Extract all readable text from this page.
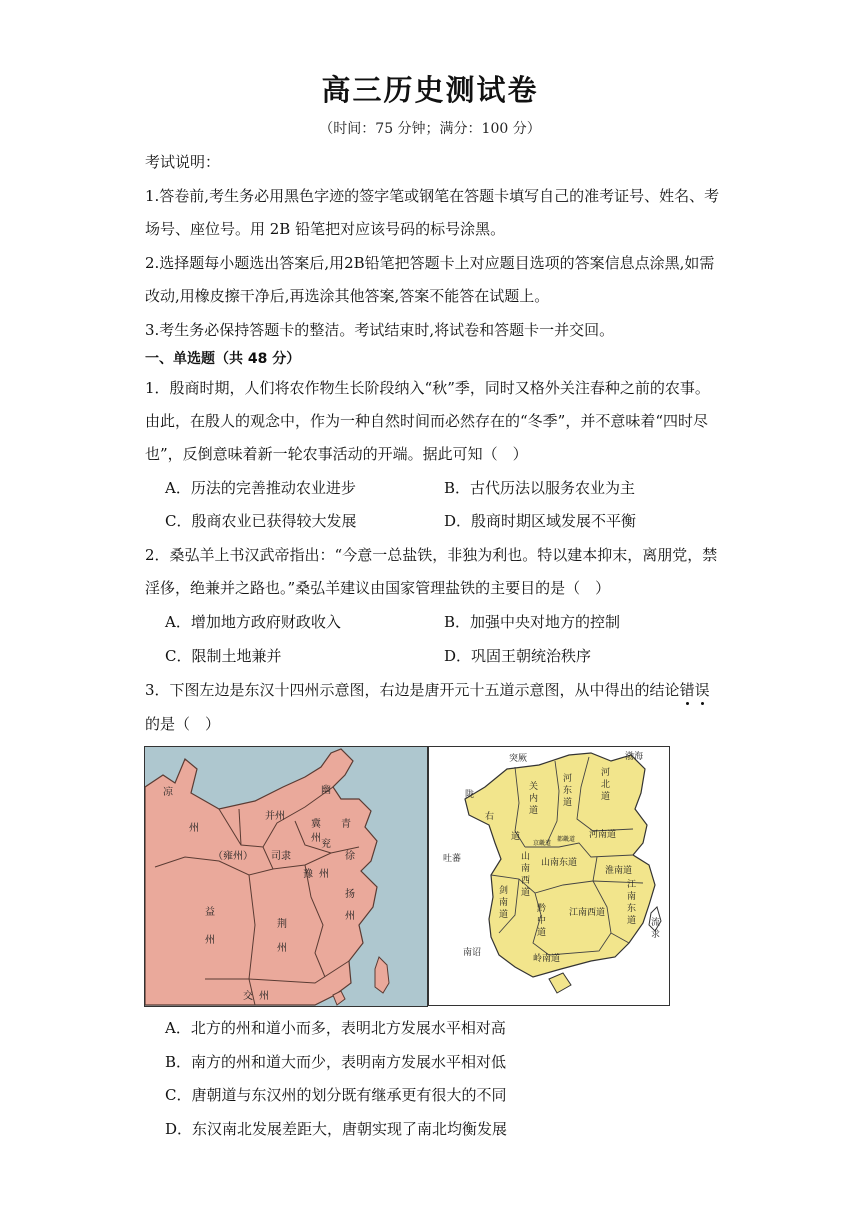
高三历史测试卷
（时间：75 分钟；满分：100 分）
考试说明：
1.答卷前,考生务必用黑色字迹的签字笔或钢笔在答题卡填写自己的准考证号、姓名、考
场号、座位号。用 2B 铅笔把对应该号码的标号涂黑。
2.选择题每小题选出答案后,用2B铅笔把答题卡上对应题目选项的答案信息点涂黑,如需
改动,用橡皮擦干净后,再选涂其他答案,答案不能答在试题上。
3.考生务必保持答题卡的整洁。考试结束时,将试卷和答题卡一并交回。
一、单选题（共 48 分）
1．殷商时期，人们将农作物生长阶段纳入“秋”季，同时又格外关注春种之前的农事。
由此，在殷人的观念中，作为一种自然时间而必然存在的“冬季”，并不意味着“四时尽
也”，反倒意味着新一轮农事活动的开端。据此可知（　）
A．历法的完善推动农业进步	B．古代历法以服务农业为主
C．殷商农业已获得较大发展	D．殷商时期区域发展不平衡
2．桑弘羊上书汉武帝指出：“今意一总盐铁，非独为利也。特以建本抑末，离朋党，禁
淫侈，绝兼并之路也。”桑弘羊建议由国家管理盐铁的主要目的是（　）
A．增加地方政府财政收入	B．加强中央对地方的控制
C．限制土地兼并	D．巩固王朝统治秩序
3．下图左边是东汉十四州示意图，右边是唐开元十五道示意图，从中得出的结论错误
的是（　）
凉
州
幽
并州
冀
州
青
徐
兖
（雍州） 司隶
豫 州
扬
州
益
州
荆
州
交 州
突厥	渤海
陇
右
道
关
内
道
河
东
道
河
北
道
河南道
吐蕃	山
南
西
道
山南东道
淮南道
剑
南
道
黔
中
道
江南西道
江
南
东
道
南诏
岭南道
流
求
京畿道
都畿道
A．北方的州和道小而多，表明北方发展水平相对高
B．南方的州和道大而少，表明南方发展水平相对低
C．唐朝道与东汉州的划分既有继承更有很大的不同
D．东汉南北发展差距大，唐朝实现了南北均衡发展
